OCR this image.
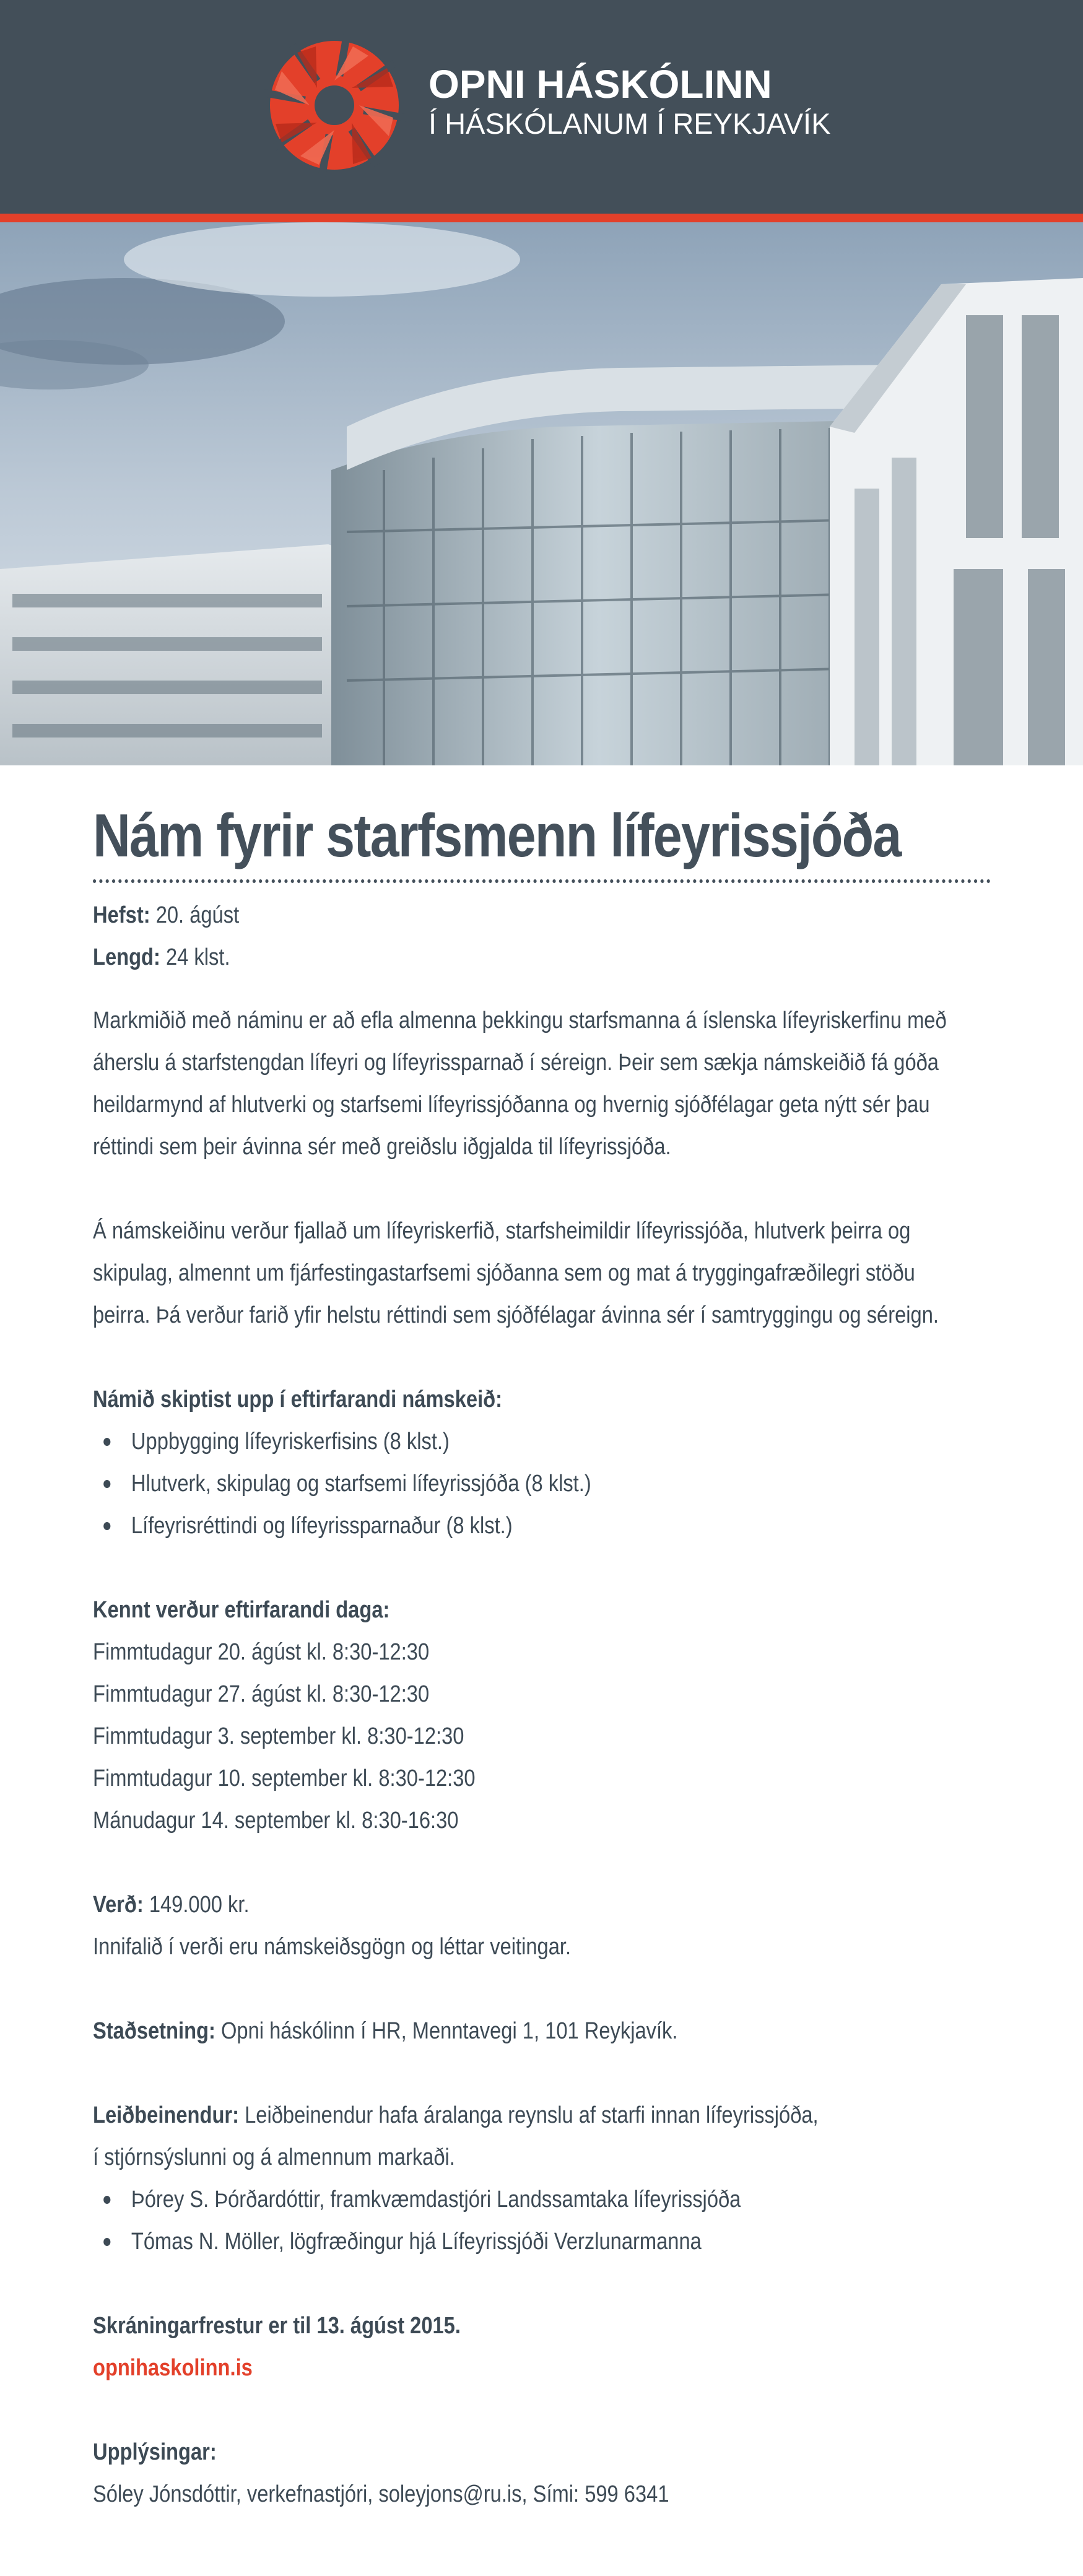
OPNI HÁSKÓLINN
Í HÁSKÓLANUM Í REYKJAVÍK
Nám fyrir starfsmenn lífeyrissjóða
Hefst: 20. ágúst
Lengd: 24 klst.
Markmiðið með náminu er að efla almenna þekkingu starfsmanna á íslenska lífeyriskerfinu með
áherslu á starfstengdan lífeyri og lífeyrissparnað í séreign. Þeir sem sækja námskeiðið fá góða
heildarmynd af hlutverki og starfsemi lífeyrissjóðanna og hvernig sjóðfélagar geta nýtt sér þau
réttindi sem þeir ávinna sér með greiðslu iðgjalda til lífeyrissjóða.
Á námskeiðinu verður fjallað um lífeyriskerfið, starfsheimildir lífeyrissjóða, hlutverk þeirra og
skipulag, almennt um fjárfestingastarfsemi sjóðanna sem og mat á tryggingafræðilegri stöðu
þeirra. Þá verður farið yfir helstu réttindi sem sjóðfélagar ávinna sér í samtryggingu og séreign.
Námið skiptist upp í eftirfarandi námskeið:
Uppbygging lífeyriskerfisins (8 klst.)
Hlutverk, skipulag og starfsemi lífeyrissjóða (8 klst.)
Lífeyrisréttindi og lífeyrissparnaður (8 klst.)
Kennt verður eftirfarandi daga:
Fimmtudagur 20. ágúst kl. 8:30-12:30
Fimmtudagur 27. ágúst kl. 8:30-12:30
Fimmtudagur 3. september kl. 8:30-12:30
Fimmtudagur 10. september kl. 8:30-12:30
Mánudagur 14. september kl. 8:30-16:30
Verð: 149.000 kr.
Innifalið í verði eru námskeiðsgögn og léttar veitingar.
Staðsetning: Opni háskólinn í HR, Menntavegi 1, 101 Reykjavík.
Leiðbeinendur: Leiðbeinendur hafa áralanga reynslu af starfi innan lífeyrissjóða,
í stjórnsýslunni og á almennum markaði.
Þórey S. Þórðardóttir, framkvæmdastjóri Landssamtaka lífeyrissjóða
Tómas N. Möller, lögfræðingur hjá Lífeyrissjóði Verzlunarmanna
Skráningarfrestur er til 13. ágúst 2015.
opnihaskolinn.is
Upplýsingar:
Sóley Jónsdóttir, verkefnastjóri, soleyjons@ru.is, Sími: 599 6341
